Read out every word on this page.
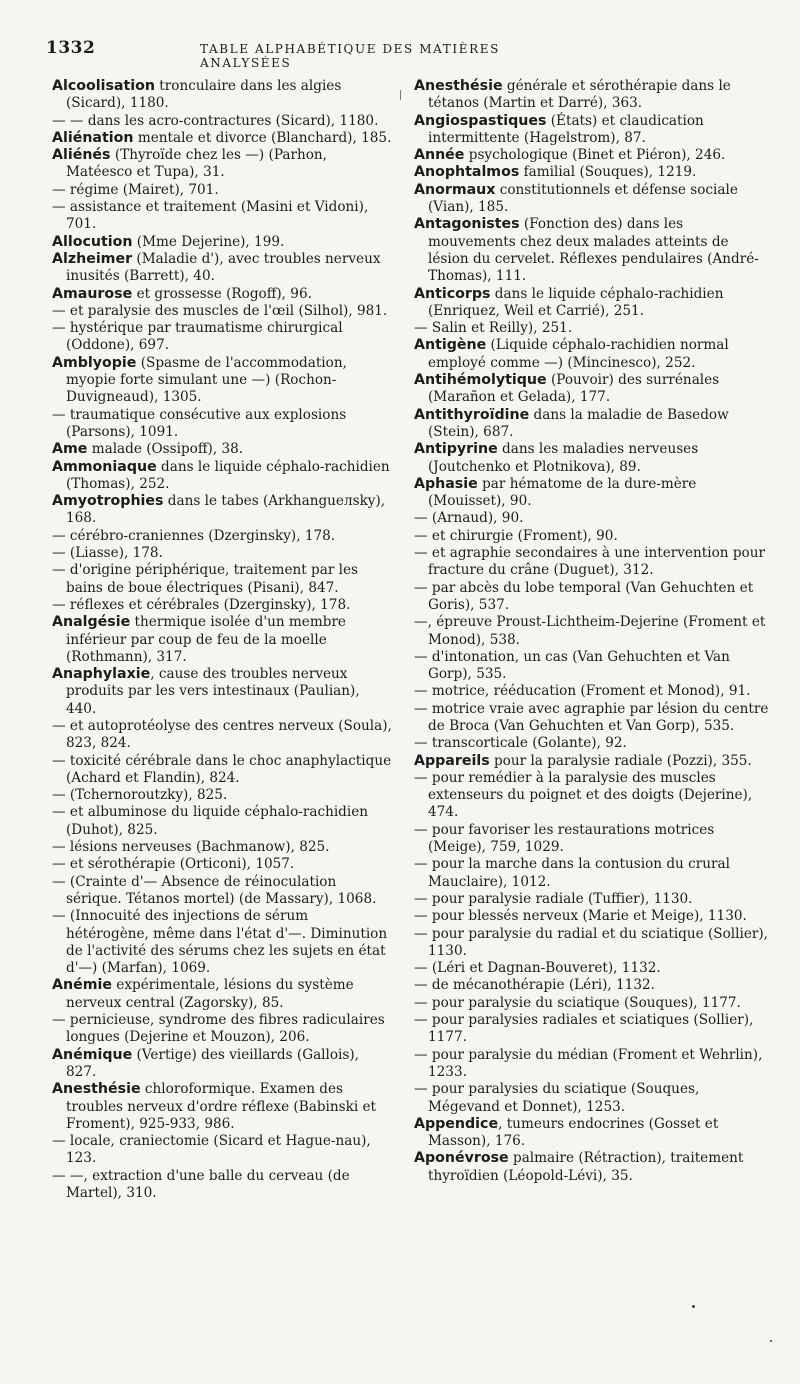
1332	TABLE ALPHABÉTIQUE DES MATIÈRES ANALYSÉES

Alcoolisation tronculaire dans les algies (Sicard), 1180.

— — dans les acro-contractures (Sicard), 1180.

Aliénation mentale et divorce (Blanchard), 185.

Aliénés (Thyroïde chez les —) (Parhon, Matéesco et Tupa), 31.

— régime (Mairet), 701.

— assistance et traitement (Masini et Vidoni), 701.

Allocution (Mme Dejerine), 199.

Alzheimer (Maladie d'), avec troubles nerveux inusités (Barrett), 40.

Amaurose et grossesse (Rogoff), 96.

— et paralysie des muscles de l'œil (Silhol), 981.

— hystérique par traumatisme chirurgical (Oddone), 697.

Amblyopie (Spasme de l'accommodation, myopie forte simulant une —) (Rochon-Duvigneaud), 1305.

— traumatique consécutive aux explosions (Parsons), 1091.

Ame malade (Ossipoff), 38.

Ammoniaque dans le liquide céphalo-rachidien (Thomas), 252.

Amyotrophies dans le tabes (Arkhangueлsky), 168.

— cérébro-craniennes (Dzerginsky), 178.

— (Liasse), 178.

— d'origine périphérique, traitement par les bains de boue électriques (Pisani), 847.

— réflexes et cérébrales (Dzerginsky), 178.

Analgésie thermique isolée d'un membre inférieur par coup de feu de la moelle (Rothmann), 317.

Anaphylaxie, cause des troubles nerveux produits par les vers intestinaux (Paulian), 440.

— et autoprotéolyse des centres nerveux (Soula), 823, 824.

— toxicité cérébrale dans le choc anaphylactique (Achard et Flandin), 824.

— (Tchernoroutzky), 825.

— et albuminose du liquide céphalo-rachidien (Duhot), 825.

— lésions nerveuses (Bachmanow), 825.

— et sérothérapie (Orticoni), 1057.

— (Crainte d'— Absence de réinoculation sérique. Tétanos mortel) (de Massary), 1068.

— (Innocuité des injections de sérum hétérogène, même dans l'état d'—. Diminution de l'activité des sérums chez les sujets en état d'—) (Marfan), 1069.

Anémie expérimentale, lésions du système nerveux central (Zagorsky), 85.

— pernicieuse, syndrome des fibres radiculaires longues (Dejerine et Mouzon), 206.

Anémique (Vertige) des vieillards (Gallois), 827.

Anesthésie chloroformique. Examen des troubles nerveux d'ordre réflexe (Babinski et Froment), 925-933, 986.

— locale, craniectomie (Sicard et Hague-nau), 123.

— —, extraction d'une balle du cerveau (de Martel), 310.

Anesthésie générale et sérothérapie dans le tétanos (Martin et Darré), 363.

Angiospastiques (États) et claudication intermittente (Hagelstrom), 87.

Année psychologique (Binet et Piéron), 246.

Anophtalmos familial (Souques), 1219.

Anormaux constitutionnels et défense sociale (Vian), 185.

Antagonistes (Fonction des) dans les mouvements chez deux malades atteints de lésion du cervelet. Réflexes pendulaires (André-Thomas), 111.

Anticorps dans le liquide céphalo-rachidien (Enriquez, Weil et Carrié), 251.

— Salin et Reilly), 251.

Antigène (Liquide céphalo-rachidien normal employé comme —) (Mincinesco), 252.

Antihémolytique (Pouvoir) des surrénales (Marañon et Gelada), 177.

Antithyroïdine dans la maladie de Basedow (Stein), 687.

Antipyrine dans les maladies nerveuses (Joutchenko et Plotnikova), 89.

Aphasie par hématome de la dure-mère (Mouisset), 90.

— (Arnaud), 90.

— et chirurgie (Froment), 90.

— et agraphie secondaires à une intervention pour fracture du crâne (Duguet), 312.

— par abcès du lobe temporal (Van Gehuchten et Goris), 537.

—, épreuve Proust-Lichtheim-Dejerine (Froment et Monod), 538.

— d'intonation, un cas (Van Gehuchten et Van Gorp), 535.

— motrice, rééducation (Froment et Monod), 91.

— motrice vraie avec agraphie par lésion du centre de Broca (Van Gehuchten et Van Gorp), 535.

— transcorticale (Golante), 92.

Appareils pour la paralysie radiale (Pozzi), 355.

— pour remédier à la paralysie des muscles extenseurs du poignet et des doigts (Dejerine), 474.

— pour favoriser les restaurations motrices (Meige), 759, 1029.

— pour la marche dans la contusion du crural Mauclaire), 1012.

— pour paralysie radiale (Tuffier), 1130.

— pour blessés nerveux (Marie et Meige), 1130.

— pour paralysie du radial et du sciatique (Sollier), 1130.

— (Léri et Dagnan-Bouveret), 1132.

— de mécanothérapie (Léri), 1132.

— pour paralysie du sciatique (Souques), 1177.

— pour paralysies radiales et sciatiques (Sollier), 1177.

— pour paralysie du médian (Froment et Wehrlin), 1233.

— pour paralysies du sciatique (Souques, Mégevand et Donnet), 1253.

Appendice, tumeurs endocrines (Gosset et Masson), 176.

Aponévrose palmaire (Rétraction), traitement thyroïdien (Léopold-Lévi), 35.
